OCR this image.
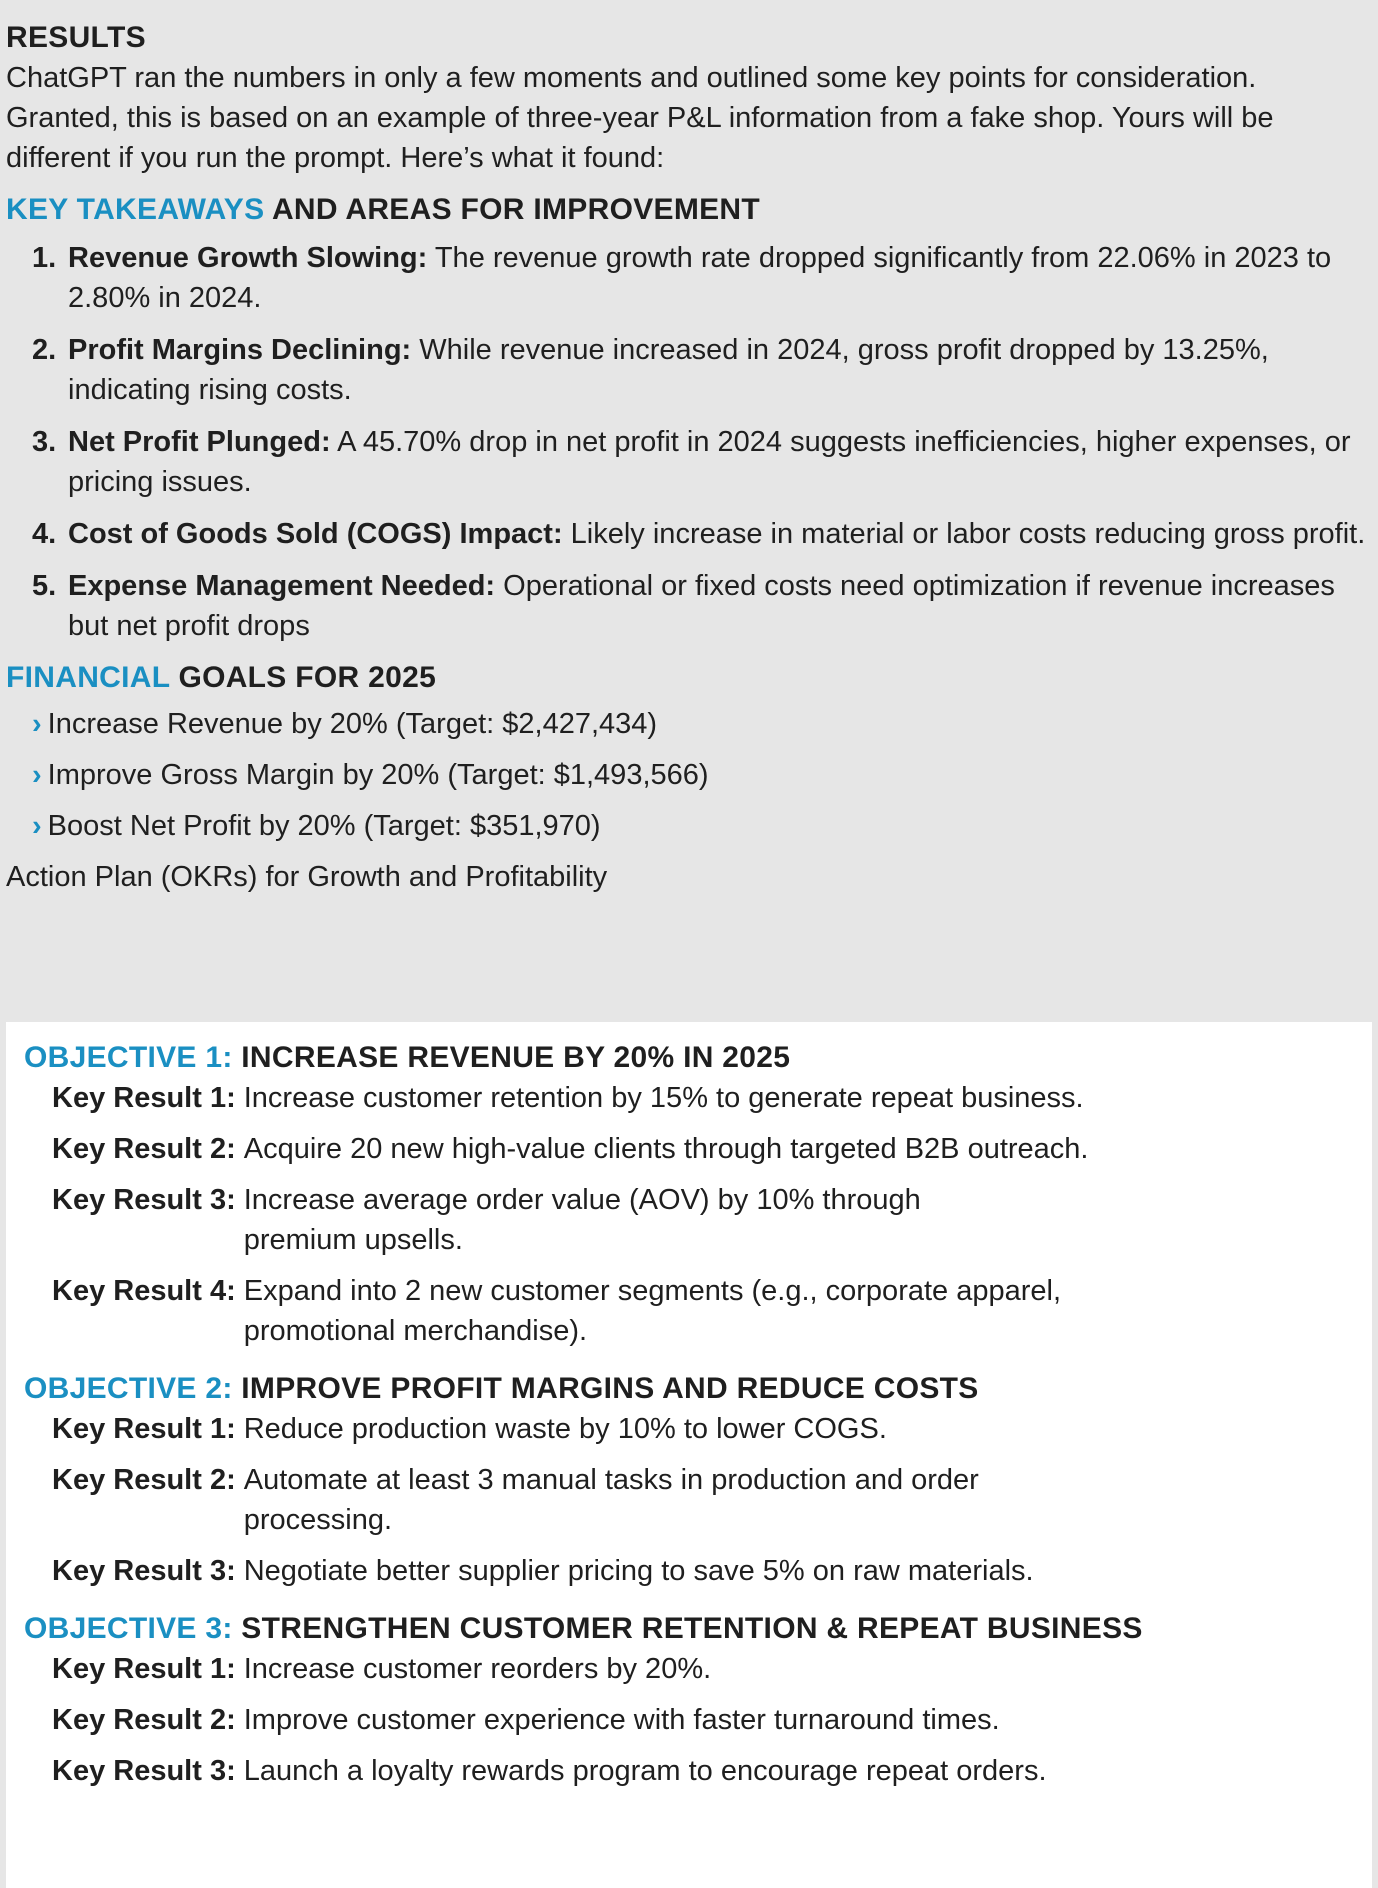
RESULTS

ChatGPT ran the numbers in only a few moments and outlined some key points for consideration. Granted, this is based on an example of three-year P&L information from a fake shop. Yours will be different if you run the prompt. Here’s what it found:

KEY TAKEAWAYS AND AREAS FOR IMPROVEMENT
1. Revenue Growth Slowing: The revenue growth rate dropped significantly from 22.06% in 2023 to 2.80% in 2024.
2. Profit Margins Declining: While revenue increased in 2024, gross profit dropped by 13.25%, indicating rising costs.
3. Net Profit Plunged: A 45.70% drop in net profit in 2024 suggests inefficiencies, higher expenses, or pricing issues.
4. Cost of Goods Sold (COGS) Impact: Likely increase in material or labor costs reducing gross profit.
5. Expense Management Needed: Operational or fixed costs need optimization if revenue increases but net profit drops
FINANCIAL GOALS FOR 2025
› Increase Revenue by 20% (Target: $2,427,434)
› Improve Gross Margin by 20% (Target: $1,493,566)
› Boost Net Profit by 20% (Target: $351,970)
Action Plan (OKRs) for Growth and Profitability
OBJECTIVE 1: INCREASE REVENUE BY 20% IN 2025
Key Result 1: Increase customer retention by 15% to generate repeat business.
Key Result 2: Acquire 20 new high-value clients through targeted B2B outreach.
Key Result 3: Increase average order value (AOV) by 10% through premium upsells.
Key Result 4: Expand into 2 new customer segments (e.g., corporate apparel, promotional merchandise).
OBJECTIVE 2: IMPROVE PROFIT MARGINS AND REDUCE COSTS
Key Result 1: Reduce production waste by 10% to lower COGS.
Key Result 2: Automate at least 3 manual tasks in production and order processing.
Key Result 3: Negotiate better supplier pricing to save 5% on raw materials.
OBJECTIVE 3: STRENGTHEN CUSTOMER RETENTION & REPEAT BUSINESS
Key Result 1: Increase customer reorders by 20%.
Key Result 2: Improve customer experience with faster turnaround times.
Key Result 3: Launch a loyalty rewards program to encourage repeat orders.
